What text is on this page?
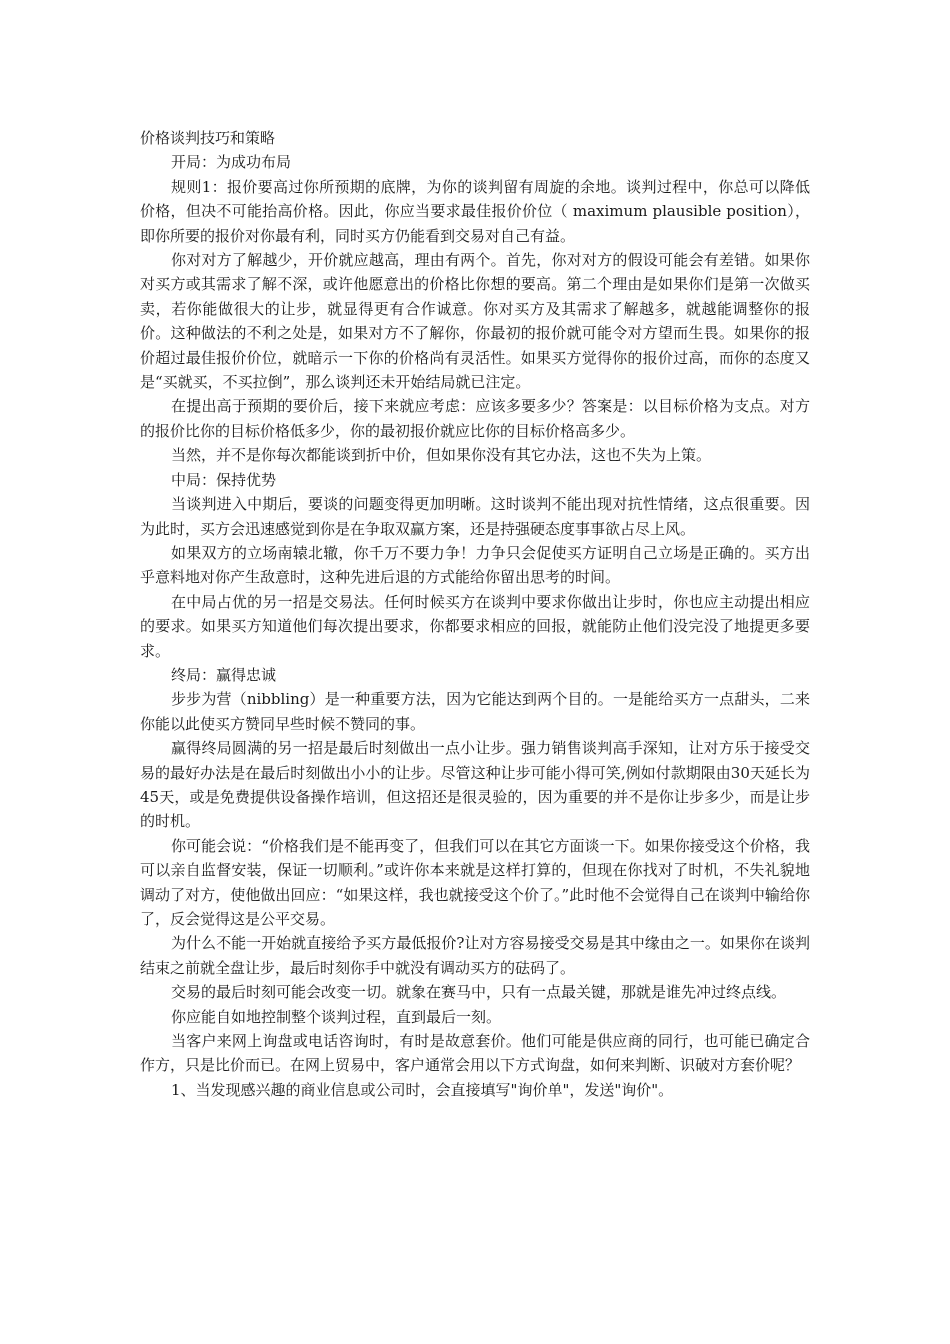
价格谈判技巧和策略

开局：为成功布局

规则1：报价要高过你所预期的底牌，为你的谈判留有周旋的余地。谈判过程中，你总可以降低价格，但决不可能抬高价格。因此，你应当要求最佳报价价位（ maximum plausible position），即你所要的报价对你最有利，同时买方仍能看到交易对自己有益。

你对对方了解越少，开价就应越高，理由有两个。首先，你对对方的假设可能会有差错。如果你对买方或其需求了解不深，或许他愿意出的价格比你想的要高。第二个理由是如果你们是第一次做买卖，若你能做很大的让步，就显得更有合作诚意。你对买方及其需求了解越多，就越能调整你的报价。这种做法的不利之处是，如果对方不了解你，你最初的报价就可能令对方望而生畏。如果你的报价超过最佳报价价位，就暗示一下你的价格尚有灵活性。如果买方觉得你的报价过高，而你的态度又是“买就买，不买拉倒”，那么谈判还未开始结局就已注定。

在提出高于预期的要价后，接下来就应考虑：应该多要多少？答案是：以目标价格为支点。对方的报价比你的目标价格低多少，你的最初报价就应比你的目标价格高多少。

当然，并不是你每次都能谈到折中价，但如果你没有其它办法，这也不失为上策。

中局：保持优势

当谈判进入中期后，要谈的问题变得更加明晰。这时谈判不能出现对抗性情绪，这点很重要。因为此时，买方会迅速感觉到你是在争取双赢方案，还是持强硬态度事事欲占尽上风。

如果双方的立场南辕北辙，你千万不要力争！力争只会促使买方证明自己立场是正确的。买方出乎意料地对你产生敌意时，这种先进后退的方式能给你留出思考的时间。

在中局占优的另一招是交易法。任何时候买方在谈判中要求你做出让步时，你也应主动提出相应的要求。如果买方知道他们每次提出要求，你都要求相应的回报，就能防止他们没完没了地提更多要求。

终局：赢得忠诚

步步为营（nibbling）是一种重要方法，因为它能达到两个目的。一是能给买方一点甜头，二来你能以此使买方赞同早些时候不赞同的事。

赢得终局圆满的另一招是最后时刻做出一点小让步。强力销售谈判高手深知，让对方乐于接受交易的最好办法是在最后时刻做出小小的让步。尽管这种让步可能小得可笑,例如付款期限由30天延长为45天，或是免费提供设备操作培训，但这招还是很灵验的，因为重要的并不是你让步多少，而是让步的时机。

你可能会说：“价格我们是不能再变了，但我们可以在其它方面谈一下。如果你接受这个价格，我可以亲自监督安装，保证一切顺利。”或许你本来就是这样打算的，但现在你找对了时机，不失礼貌地调动了对方，使他做出回应：“如果这样，我也就接受这个价了。”此时他不会觉得自己在谈判中输给你了，反会觉得这是公平交易。

为什么不能一开始就直接给予买方最低报价?让对方容易接受交易是其中缘由之一。如果你在谈判结束之前就全盘让步，最后时刻你手中就没有调动买方的砝码了。

交易的最后时刻可能会改变一切。就象在赛马中，只有一点最关键，那就是谁先冲过终点线。

你应能自如地控制整个谈判过程，直到最后一刻。

当客户来网上询盘或电话咨询时，有时是故意套价。他们可能是供应商的同行，也可能已确定合作方，只是比价而已。在网上贸易中，客户通常会用以下方式询盘，如何来判断、识破对方套价呢？

1、当发现感兴趣的商业信息或公司时，会直接填写"询价单"，发送"询价"。
